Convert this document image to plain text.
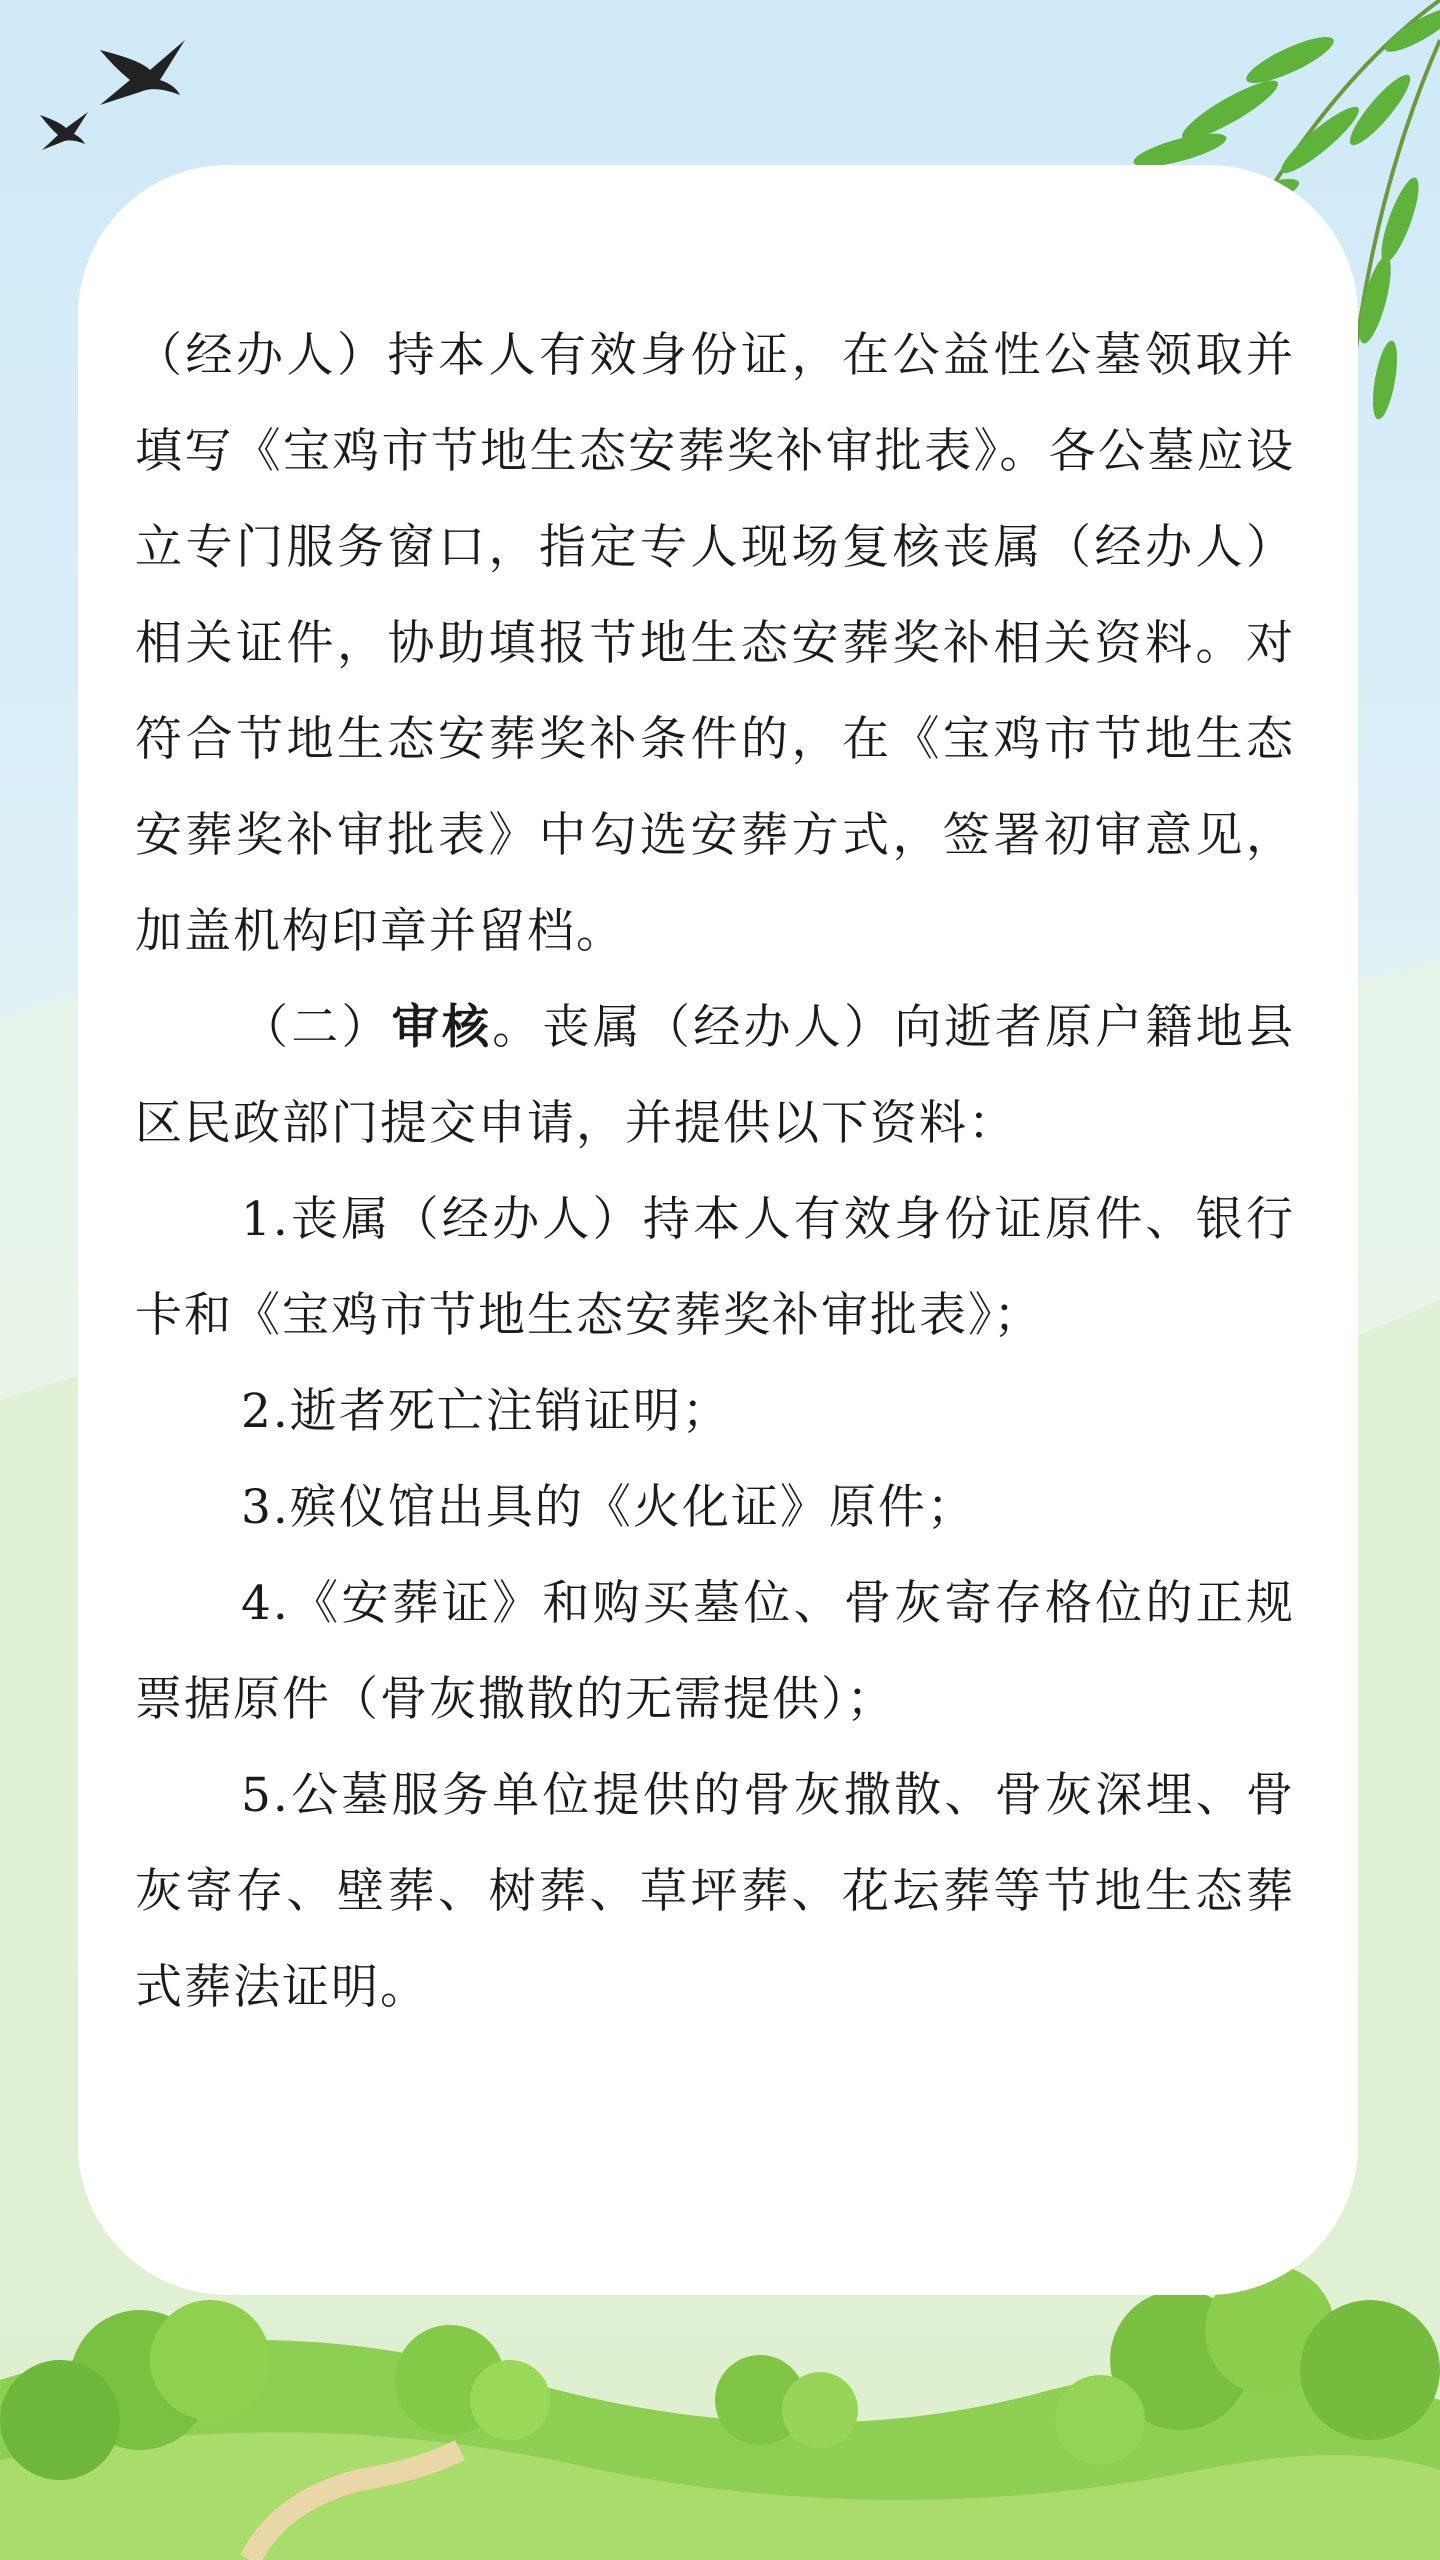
（经办人）持本人有效身份证，在公益性公墓领取并填写《宝鸡市节地生态安葬奖补审批表》。各公墓应设立专门服务窗口，指定专人现场复核丧属（经办人）相关证件，协助填报节地生态安葬奖补相关资料。对符合节地生态安葬奖补条件的，在《宝鸡市节地生态安葬奖补审批表》中勾选安葬方式，签署初审意见，加盖机构印章并留档。

（二）审核。丧属（经办人）向逝者原户籍地县区民政部门提交申请，并提供以下资料：

1.丧属（经办人）持本人有效身份证原件、银行卡和《宝鸡市节地生态安葬奖补审批表》；

2.逝者死亡注销证明；

3.殡仪馆出具的《火化证》原件；

4.《安葬证》和购买墓位、骨灰寄存格位的正规票据原件（骨灰撒散的无需提供）；

5.公墓服务单位提供的骨灰撒散、骨灰深埋、骨灰寄存、壁葬、树葬、草坪葬、花坛葬等节地生态葬式葬法证明。
